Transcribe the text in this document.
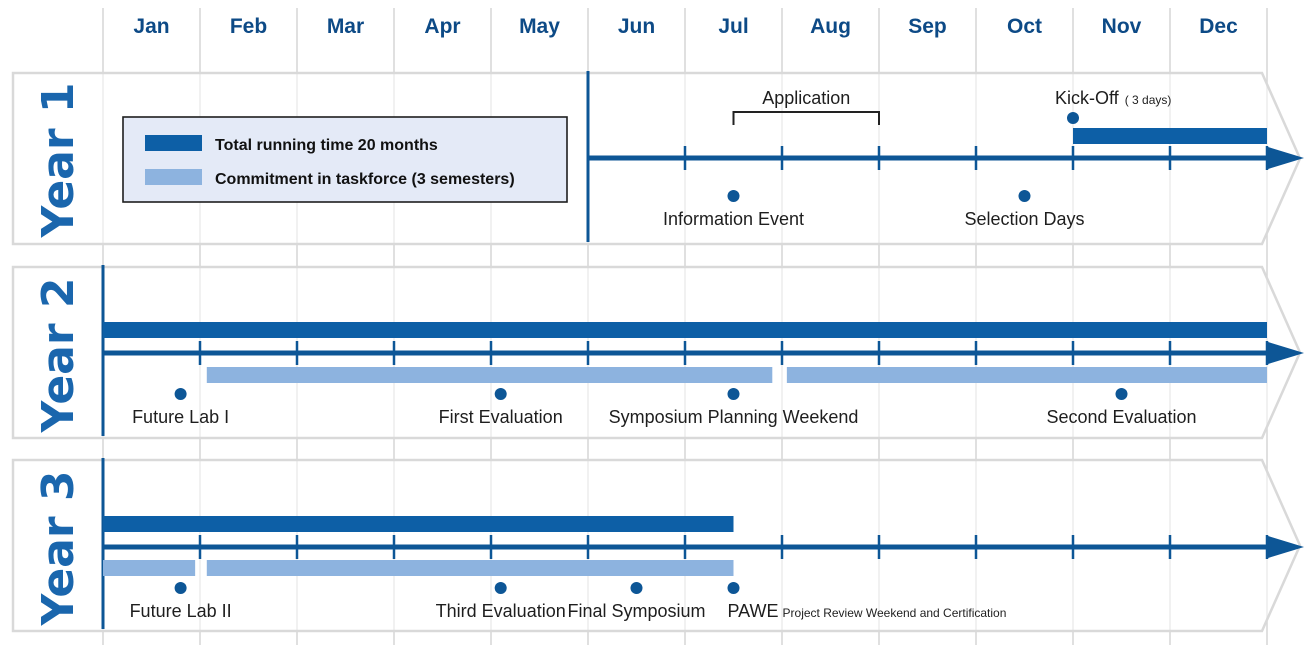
Jan	Feb	Mar	Apr	May	Jun	Jul	Aug	Sep	Oct	Nov	Dec
Year 1	Application
Information Event	Selection Days
Kick-Off ( 3 days)
Year 2	Future Lab I	First Evaluation	Symposium Planning Weekend	Second Evaluation
Year 3	Future Lab II	Third Evaluation Final Symposium PAWE Project Review Weekend and Certification
Total running time 20 months
Commitment in taskforce (3 semesters)
